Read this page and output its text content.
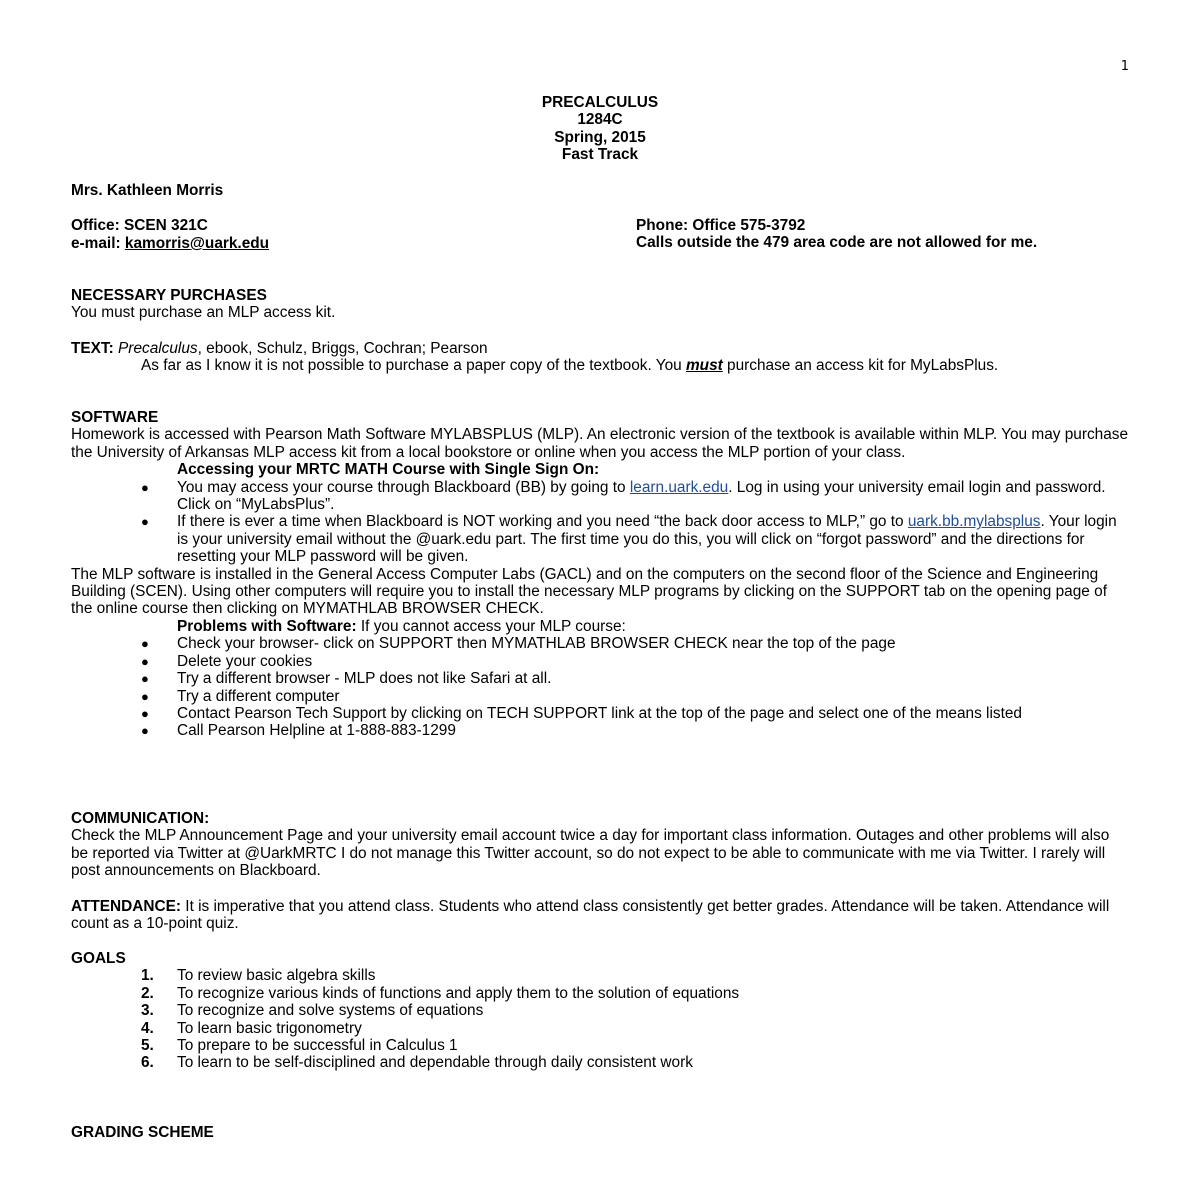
1
PRECALCULUS
1284C
Spring, 2015
Fast Track
Mrs. Kathleen Morris
Office: SCEN 321C
e-mail: kamorris@uark.edu
Phone: Office 575-3792
Calls outside the 479 area code are not allowed for me.
NECESSARY PURCHASES
You must purchase an MLP access kit.
TEXT: Precalculus, ebook, Schulz, Briggs, Cochran; Pearson
As far as I know it is not possible to purchase a paper copy of the textbook. You must purchase an access kit for MyLabsPlus.
SOFTWARE
Homework is accessed with Pearson Math Software MYLABSPLUS (MLP). An electronic version of the textbook is available within MLP. You may purchase the University of Arkansas MLP access kit from a local bookstore or online when you access the MLP portion of your class.
Accessing your MRTC MATH Course with Single Sign On:
● You may access your course through Blackboard (BB) by going to learn.uark.edu. Log in using your university email login and password. Click on “MyLabsPlus”.
● If there is ever a time when Blackboard is NOT working and you need “the back door access to MLP,” go to uark.bb.mylabsplus. Your login is your university email without the @uark.edu part. The first time you do this, you will click on “forgot password” and the directions for resetting your MLP password will be given.
The MLP software is installed in the General Access Computer Labs (GACL) and on the computers on the second floor of the Science and Engineering Building (SCEN). Using other computers will require you to install the necessary MLP programs by clicking on the SUPPORT tab on the opening page of the online course then clicking on MYMATHLAB BROWSER CHECK.
Problems with Software: If you cannot access your MLP course:
● Check your browser- click on SUPPORT then MYMATHLAB BROWSER CHECK near the top of the page
● Delete your cookies
● Try a different browser - MLP does not like Safari at all.
● Try a different computer
● Contact Pearson Tech Support by clicking on TECH SUPPORT link at the top of the page and select one of the means listed
● Call Pearson Helpline at 1-888-883-1299
COMMUNICATION:
Check the MLP Announcement Page and your university email account twice a day for important class information. Outages and other problems will also be reported via Twitter at @UarkMRTC I do not manage this Twitter account, so do not expect to be able to communicate with me via Twitter. I rarely will post announcements on Blackboard.
ATTENDANCE: It is imperative that you attend class. Students who attend class consistently get better grades. Attendance will be taken. Attendance will count as a 10-point quiz.
GOALS
1. To review basic algebra skills
2. To recognize various kinds of functions and apply them to the solution of equations
3. To recognize and solve systems of equations
4. To learn basic trigonometry
5. To prepare to be successful in Calculus 1
6. To learn to be self-disciplined and dependable through daily consistent work
GRADING SCHEME
